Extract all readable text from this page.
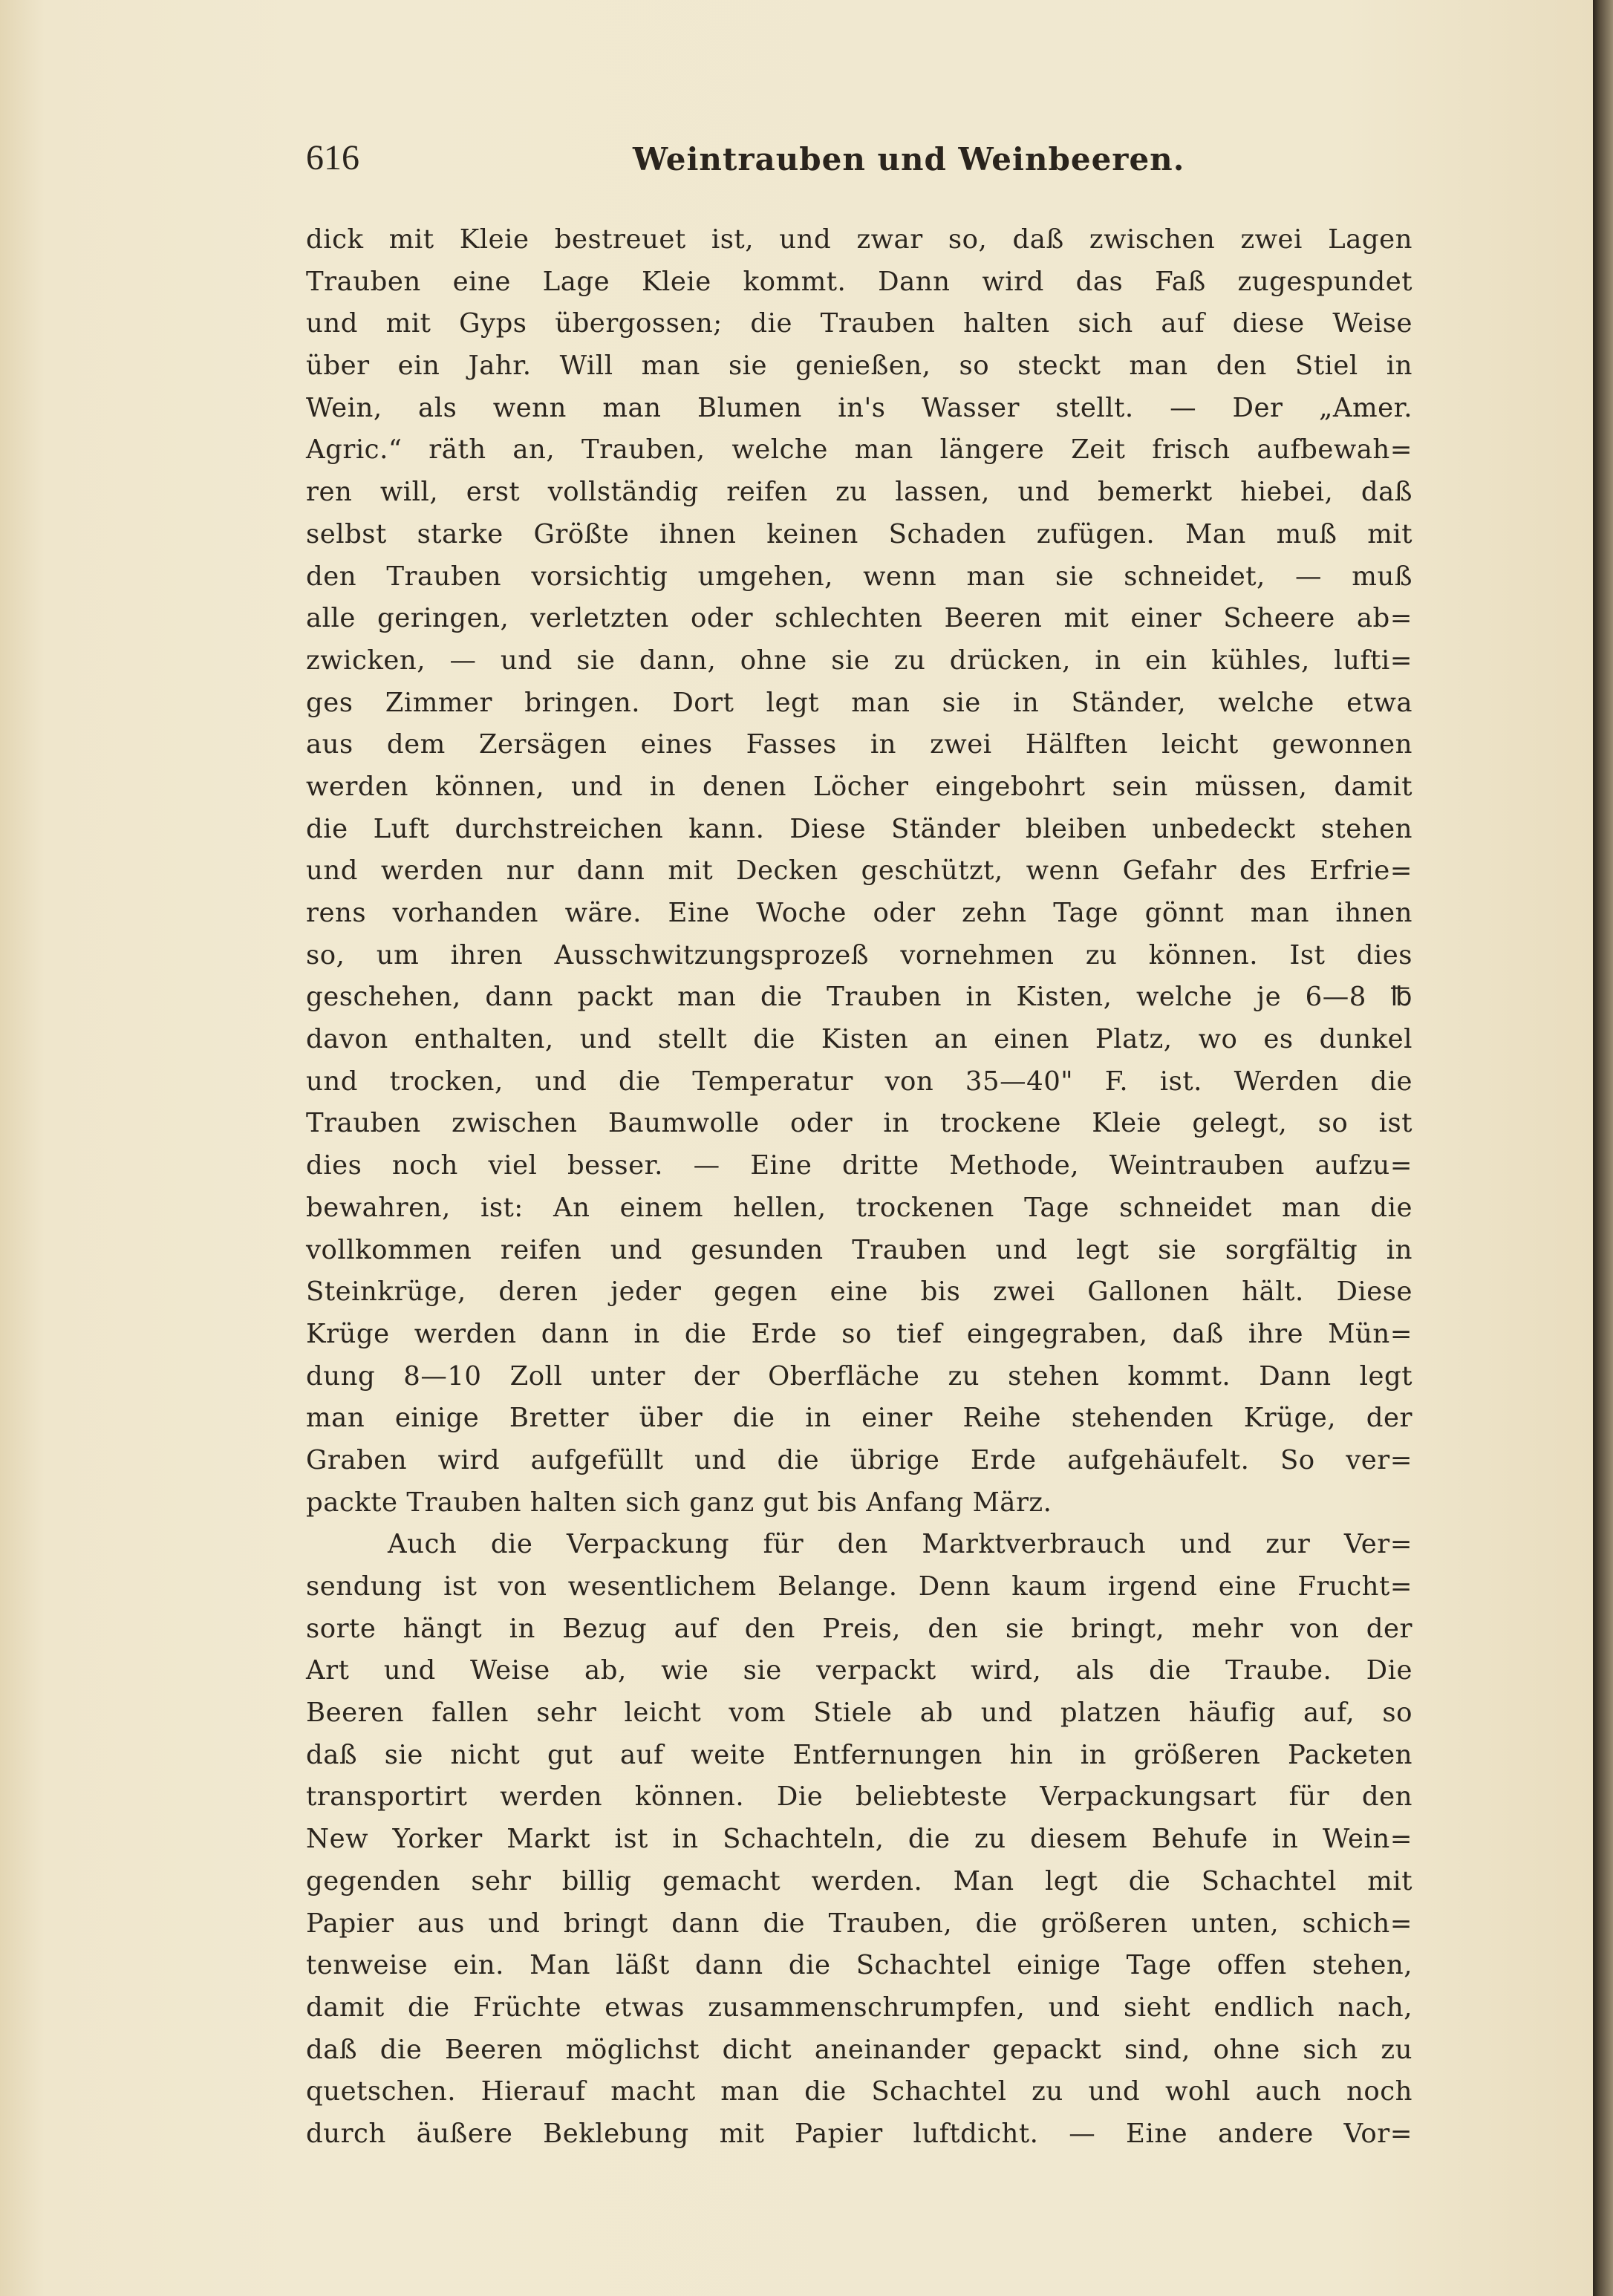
616	Weintrauben und Weinbeeren.
dick mit Kleie bestreuet ist, und zwar so, daß zwischen zwei Lagen
Trauben eine Lage Kleie kommt. Dann wird das Faß zugespundet
und mit Gyps übergossen; die Trauben halten sich auf diese Weise
über ein Jahr. Will man sie genießen, so steckt man den Stiel in
Wein, als wenn man Blumen in's Wasser stellt. — Der „Amer.
Agric.“ räth an, Trauben, welche man längere Zeit frisch aufbewah=
ren will, erst vollständig reifen zu lassen, und bemerkt hiebei, daß
selbst starke Größte ihnen keinen Schaden zufügen. Man muß mit
den Trauben vorsichtig umgehen, wenn man sie schneidet, — muß
alle geringen, verletzten oder schlechten Beeren mit einer Scheere ab=
zwicken, — und sie dann, ohne sie zu drücken, in ein kühles, lufti=
ges Zimmer bringen. Dort legt man sie in Ständer, welche etwa
aus dem Zersägen eines Fasses in zwei Hälften leicht gewonnen
werden können, und in denen Löcher eingebohrt sein müssen, damit
die Luft durchstreichen kann. Diese Ständer bleiben unbedeckt stehen
und werden nur dann mit Decken geschützt, wenn Gefahr des Erfrie=
rens vorhanden wäre. Eine Woche oder zehn Tage gönnt man ihnen
so, um ihren Ausschwitzungsprozeß vornehmen zu können. Ist dies
geschehen, dann packt man die Trauben in Kisten, welche je 6—8 ℔
davon enthalten, und stellt die Kisten an einen Platz, wo es dunkel
und trocken, und die Temperatur von 35—40" F. ist. Werden die
Trauben zwischen Baumwolle oder in trockene Kleie gelegt, so ist
dies noch viel besser. — Eine dritte Methode, Weintrauben aufzu=
bewahren, ist: An einem hellen, trockenen Tage schneidet man die
vollkommen reifen und gesunden Trauben und legt sie sorgfältig in
Steinkrüge, deren jeder gegen eine bis zwei Gallonen hält. Diese
Krüge werden dann in die Erde so tief eingegraben, daß ihre Mün=
dung 8—10 Zoll unter der Oberfläche zu stehen kommt. Dann legt
man einige Bretter über die in einer Reihe stehenden Krüge, der
Graben wird aufgefüllt und die übrige Erde aufgehäufelt. So ver=
packte Trauben halten sich ganz gut bis Anfang März.
Auch die Verpackung für den Marktverbrauch und zur Ver=
sendung ist von wesentlichem Belange. Denn kaum irgend eine Frucht=
sorte hängt in Bezug auf den Preis, den sie bringt, mehr von der
Art und Weise ab, wie sie verpackt wird, als die Traube. Die
Beeren fallen sehr leicht vom Stiele ab und platzen häufig auf, so
daß sie nicht gut auf weite Entfernungen hin in größeren Packeten
transportirt werden können. Die beliebteste Verpackungsart für den
New Yorker Markt ist in Schachteln, die zu diesem Behufe in Wein=
gegenden sehr billig gemacht werden. Man legt die Schachtel mit
Papier aus und bringt dann die Trauben, die größeren unten, schich=
tenweise ein. Man läßt dann die Schachtel einige Tage offen stehen,
damit die Früchte etwas zusammenschrumpfen, und sieht endlich nach,
daß die Beeren möglichst dicht aneinander gepackt sind, ohne sich zu
quetschen. Hierauf macht man die Schachtel zu und wohl auch noch
durch äußere Beklebung mit Papier luftdicht. — Eine andere Vor=
